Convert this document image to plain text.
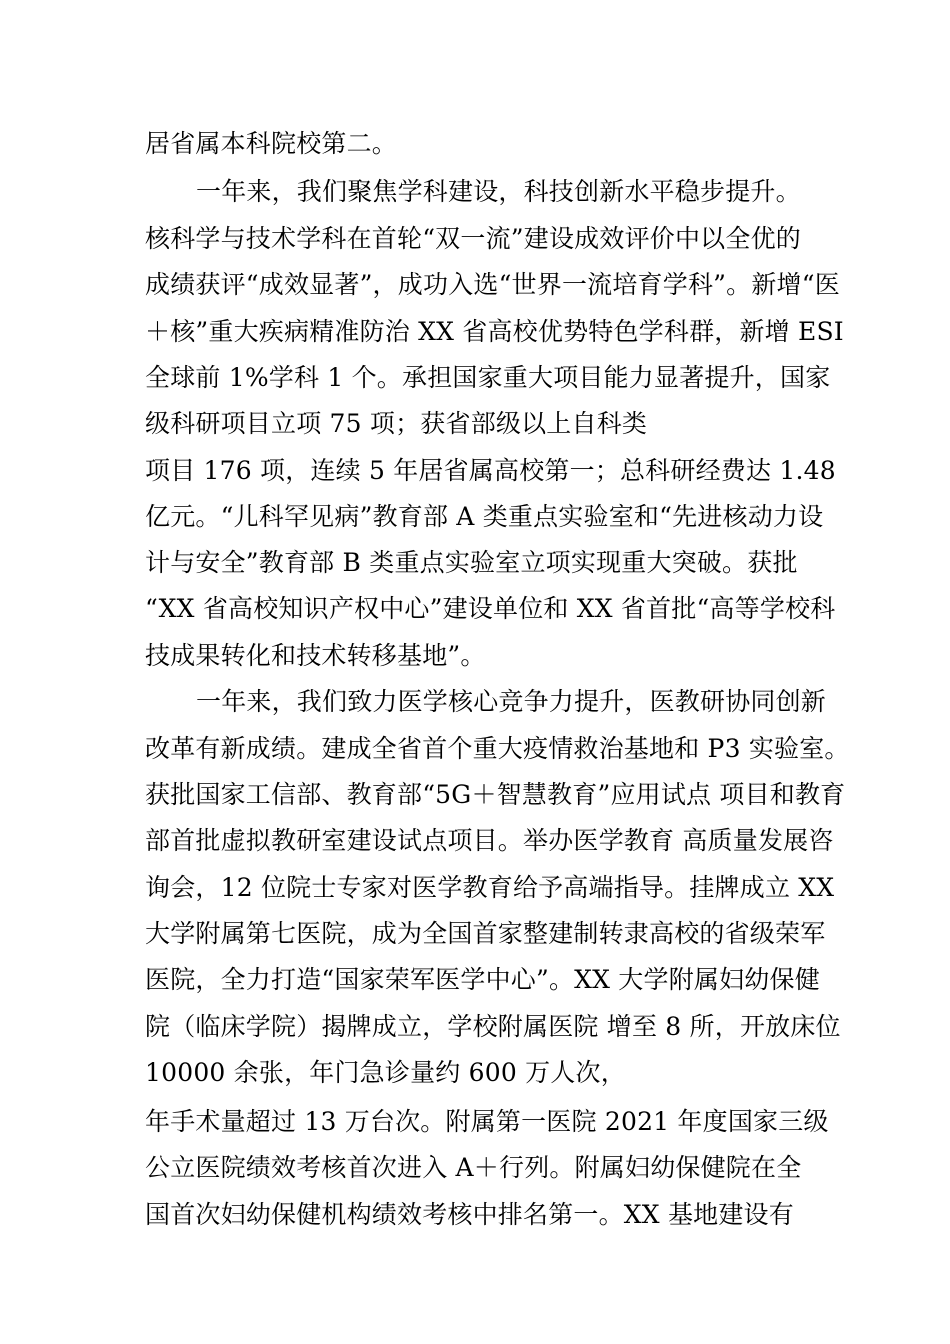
居省属本科院校第二。
一年来，我们聚焦学科建设，科技创新水平稳步提升。
核科学与技术学科在首轮“双一流”建设成效评价中以全优的
成绩获评“成效显著”，成功入选“世界一流培育学科”。新增“医
＋核”重大疾病精准防治 XX 省高校优势特色学科群，新增 ESI
全球前 1%学科 1 个。承担国家重大项目能力显著提升，国家
级科研项目立项 75 项；获省部级以上自科类
项目 176 项，连续 5 年居省属高校第一；总科研经费达 1.48
亿元。“儿科罕见病”教育部 A 类重点实验室和“先进核动力设
计与安全”教育部 B 类重点实验室立项实现重大突破。获批
“XX 省高校知识产权中心”建设单位和 XX 省首批“高等学校科
技成果转化和技术转移基地”。
一年来，我们致力医学核心竞争力提升，医教研协同创新
改革有新成绩。建成全省首个重大疫情救治基地和 P3 实验室。
获批国家工信部、教育部“5G＋智慧教育”应用试点 项目和教育
部首批虚拟教研室建设试点项目。举办医学教育 高质量发展咨
询会，12 位院士专家对医学教育给予高端指导。挂牌成立 XX
大学附属第七医院，成为全国首家整建制转隶高校的省级荣军
医院，全力打造“国家荣军医学中心”。XX 大学附属妇幼保健
院（临床学院）揭牌成立，学校附属医院 增至 8 所，开放床位
10000 余张，年门急诊量约 600 万人次，
年手术量超过 13 万台次。附属第一医院 2021 年度国家三级
公立医院绩效考核首次进入 A＋行列。附属妇幼保健院在全
国首次妇幼保健机构绩效考核中排名第一。XX 基地建设有
